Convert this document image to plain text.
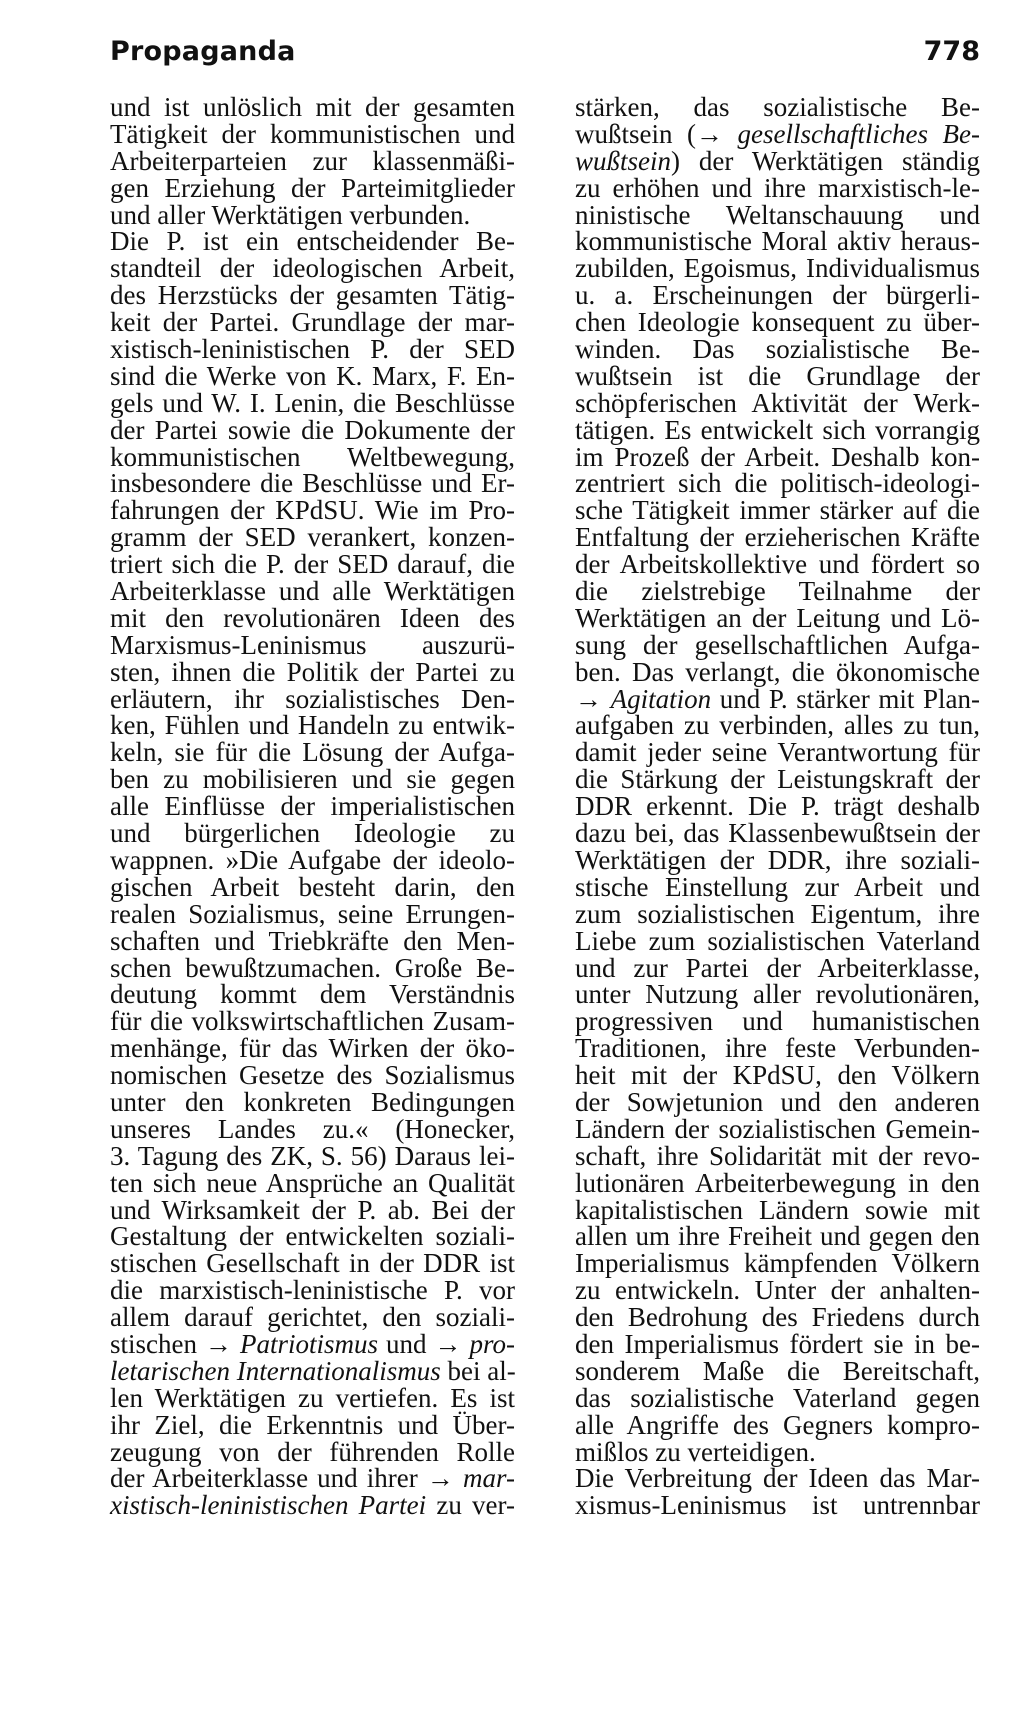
Propaganda	778
und ist unlöslich mit der gesamten
Tätigkeit der kommunistischen und
Arbeiterparteien zur klassenmäßi-
gen Erziehung der Parteimitglieder
und aller Werktätigen verbunden.
Die P. ist ein entscheidender Be-
standteil der ideologischen Arbeit,
des Herzstücks der gesamten Tätig-
keit der Partei. Grundlage der mar-
xistisch-leninistischen P. der SED
sind die Werke von K. Marx, F. En-
gels und W. I. Lenin, die Beschlüsse
der Partei sowie die Dokumente der
kommunistischen Weltbewegung,
insbesondere die Beschlüsse und Er-
fahrungen der KPdSU. Wie im Pro-
gramm der SED verankert, konzen-
triert sich die P. der SED darauf, die
Arbeiterklasse und alle Werktätigen
mit den revolutionären Ideen des
Marxismus-Leninismus auszurü-
sten, ihnen die Politik der Partei zu
erläutern, ihr sozialistisches Den-
ken, Fühlen und Handeln zu entwik-
keln, sie für die Lösung der Aufga-
ben zu mobilisieren und sie gegen
alle Einflüsse der imperialistischen
und bürgerlichen Ideologie zu
wappnen. »Die Aufgabe der ideolo-
gischen Arbeit besteht darin, den
realen Sozialismus, seine Errungen-
schaften und Triebkräfte den Men-
schen bewußtzumachen. Große Be-
deutung kommt dem Verständnis
für die volkswirtschaftlichen Zusam-
menhänge, für das Wirken der öko-
nomischen Gesetze des Sozialismus
unter den konkreten Bedingungen
unseres Landes zu.« (Honecker,
3. Tagung des ZK, S. 56) Daraus lei-
ten sich neue Ansprüche an Qualität
und Wirksamkeit der P. ab. Bei der
Gestaltung der entwickelten soziali-
stischen Gesellschaft in der DDR ist
die marxistisch-leninistische P. vor
allem darauf gerichtet, den soziali-
stischen → Patriotismus und → pro-
letarischen Internationalismus bei al-
len Werktätigen zu vertiefen. Es ist
ihr Ziel, die Erkenntnis und Über-
zeugung von der führenden Rolle
der Arbeiterklasse und ihrer → mar-
xistisch-leninistischen Partei zu ver-
stärken, das sozialistische Be-
wußtsein (→ gesellschaftliches Be-
wußtsein) der Werktätigen ständig
zu erhöhen und ihre marxistisch-le-
ninistische Weltanschauung und
kommunistische Moral aktiv heraus-
zubilden, Egoismus, Individualismus
u. a. Erscheinungen der bürgerli-
chen Ideologie konsequent zu über-
winden. Das sozialistische Be-
wußtsein ist die Grundlage der
schöpferischen Aktivität der Werk-
tätigen. Es entwickelt sich vorrangig
im Prozeß der Arbeit. Deshalb kon-
zentriert sich die politisch-ideologi-
sche Tätigkeit immer stärker auf die
Entfaltung der erzieherischen Kräfte
der Arbeitskollektive und fördert so
die zielstrebige Teilnahme der
Werktätigen an der Leitung und Lö-
sung der gesellschaftlichen Aufga-
ben. Das verlangt, die ökonomische
→ Agitation und P. stärker mit Plan-
aufgaben zu verbinden, alles zu tun,
damit jeder seine Verantwortung für
die Stärkung der Leistungskraft der
DDR erkennt. Die P. trägt deshalb
dazu bei, das Klassenbewußtsein der
Werktätigen der DDR, ihre soziali-
stische Einstellung zur Arbeit und
zum sozialistischen Eigentum, ihre
Liebe zum sozialistischen Vaterland
und zur Partei der Arbeiterklasse,
unter Nutzung aller revolutionären,
progressiven und humanistischen
Traditionen, ihre feste Verbunden-
heit mit der KPdSU, den Völkern
der Sowjetunion und den anderen
Ländern der sozialistischen Gemein-
schaft, ihre Solidarität mit der revo-
lutionären Arbeiterbewegung in den
kapitalistischen Ländern sowie mit
allen um ihre Freiheit und gegen den
Imperialismus kämpfenden Völkern
zu entwickeln. Unter der anhalten-
den Bedrohung des Friedens durch
den Imperialismus fördert sie in be-
sonderem Maße die Bereitschaft,
das sozialistische Vaterland gegen
alle Angriffe des Gegners kompro-
mißlos zu verteidigen.
Die Verbreitung der Ideen das Mar-
xismus-Leninismus ist untrennbar
